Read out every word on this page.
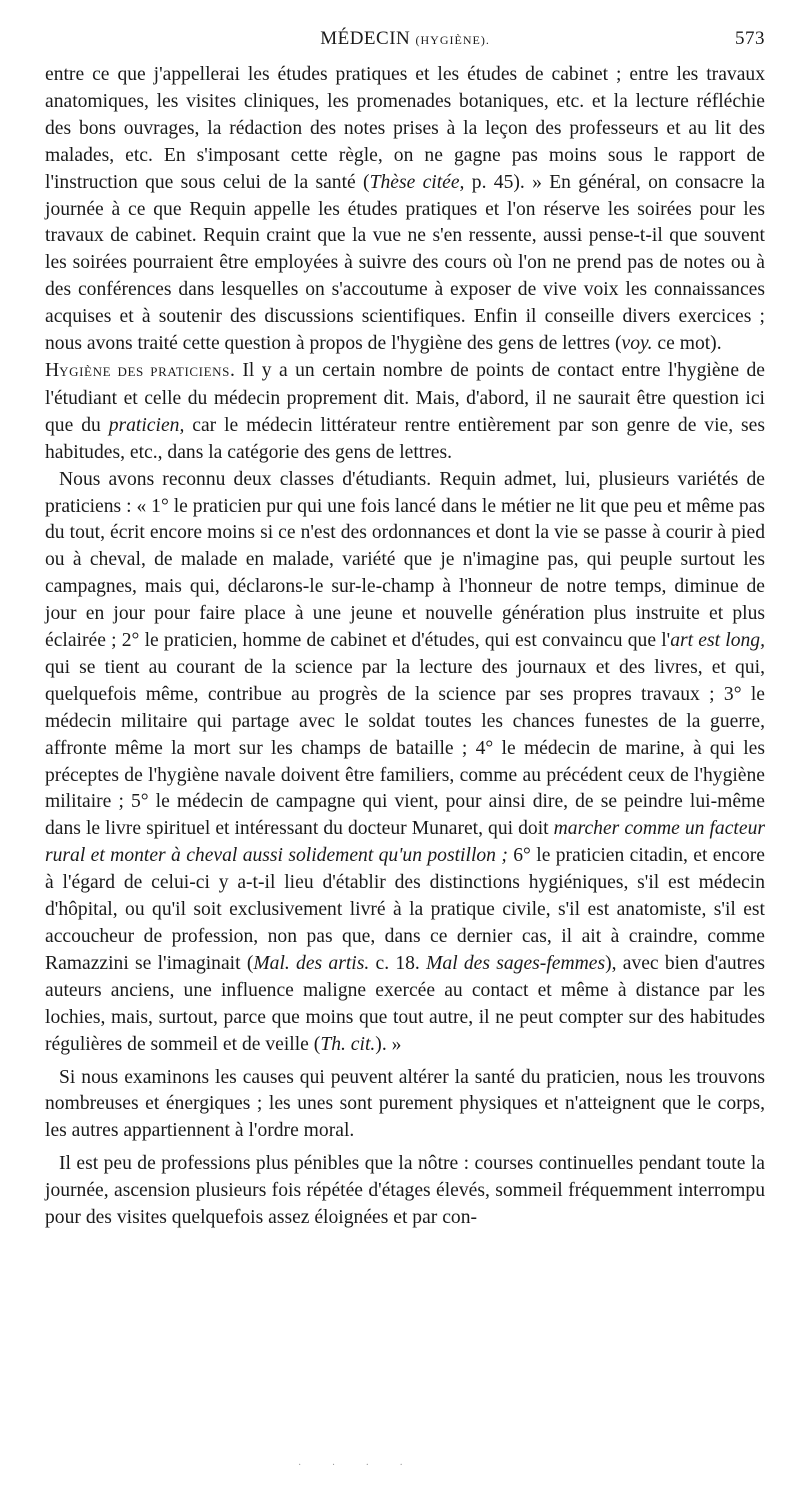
MÉDECIN (HYGIÈNE).	573

entre ce que j'appellerai les études pratiques et les études de cabinet ; entre les travaux anatomiques, les visites cliniques, les promenades botaniques, etc. et la lecture réfléchie des bons ouvrages, la rédaction des notes prises à la leçon des professeurs et au lit des malades, etc. En s'imposant cette règle, on ne gagne pas moins sous le rapport de l'instruction que sous celui de la santé (Thèse citée, p. 45). » En général, on consacre la journée à ce que Requin appelle les études pratiques et l'on réserve les soirées pour les travaux de cabinet. Requin craint que la vue ne s'en ressente, aussi pense-t-il que souvent les soirées pourraient être employées à suivre des cours où l'on ne prend pas de notes ou à des conférences dans lesquelles on s'accoutume à exposer de vive voix les connaissances acquises et à soutenir des discussions scientifiques. Enfin il conseille divers exercices ; nous avons traité cette question à propos de l'hygiène des gens de lettres (voy. ce mot).

HYGIÈNE DES PRATICIENS. Il y a un certain nombre de points de contact entre l'hygiène de l'étudiant et celle du médecin proprement dit. Mais, d'abord, il ne saurait être question ici que du praticien, car le médecin littérateur rentre entièrement par son genre de vie, ses habitudes, etc., dans la catégorie des gens de lettres.

Nous avons reconnu deux classes d'étudiants. Requin admet, lui, plusieurs variétés de praticiens : « 1° le praticien pur qui une fois lancé dans le métier ne lit que peu et même pas du tout, écrit encore moins si ce n'est des ordonnances et dont la vie se passe à courir à pied ou à cheval, de malade en malade, variété que je n'imagine pas, qui peuple surtout les campagnes, mais qui, déclarons-le sur-le-champ à l'honneur de notre temps, diminue de jour en jour pour faire place à une jeune et nouvelle génération plus instruite et plus éclairée ; 2° le praticien, homme de cabinet et d'études, qui est convaincu que l'art est long, qui se tient au courant de la science par la lecture des journaux et des livres, et qui, quelquefois même, contribue au progrès de la science par ses propres travaux ; 3° le médecin militaire qui partage avec le soldat toutes les chances funestes de la guerre, affronte même la mort sur les champs de bataille ; 4° le médecin de marine, à qui les préceptes de l'hygiène navale doivent être familiers, comme au précédent ceux de l'hygiène militaire ; 5° le médecin de campagne qui vient, pour ainsi dire, de se peindre lui-même dans le livre spirituel et intéressant du docteur Munaret, qui doit marcher comme un facteur rural et monter à cheval aussi solidement qu'un postillon ; 6° le praticien citadin, et encore à l'égard de celui-ci y a-t-il lieu d'établir des distinctions hygiéniques, s'il est médecin d'hôpital, ou qu'il soit exclusivement livré à la pratique civile, s'il est anatomiste, s'il est accoucheur de profession, non pas que, dans ce dernier cas, il ait à craindre, comme Ramazzini se l'imaginait (Mal. des artis. c. 18. Mal des sages-femmes), avec bien d'autres auteurs anciens, une influence maligne exercée au contact et même à distance par les lochies, mais, surtout, parce que moins que tout autre, il ne peut compter sur des habitudes régulières de sommeil et de veille (Th. cit.). »

Si nous examinons les causes qui peuvent altérer la santé du praticien, nous les trouvons nombreuses et énergiques ; les unes sont purement physiques et n'atteignent que le corps, les autres appartiennent à l'ordre moral.

Il est peu de professions plus pénibles que la nôtre : courses continuelles pendant toute la journée, ascension plusieurs fois répétée d'étages élevés, sommeil fréquemment interrompu pour des visites quelquefois assez éloignées et par con-

· · · ·
